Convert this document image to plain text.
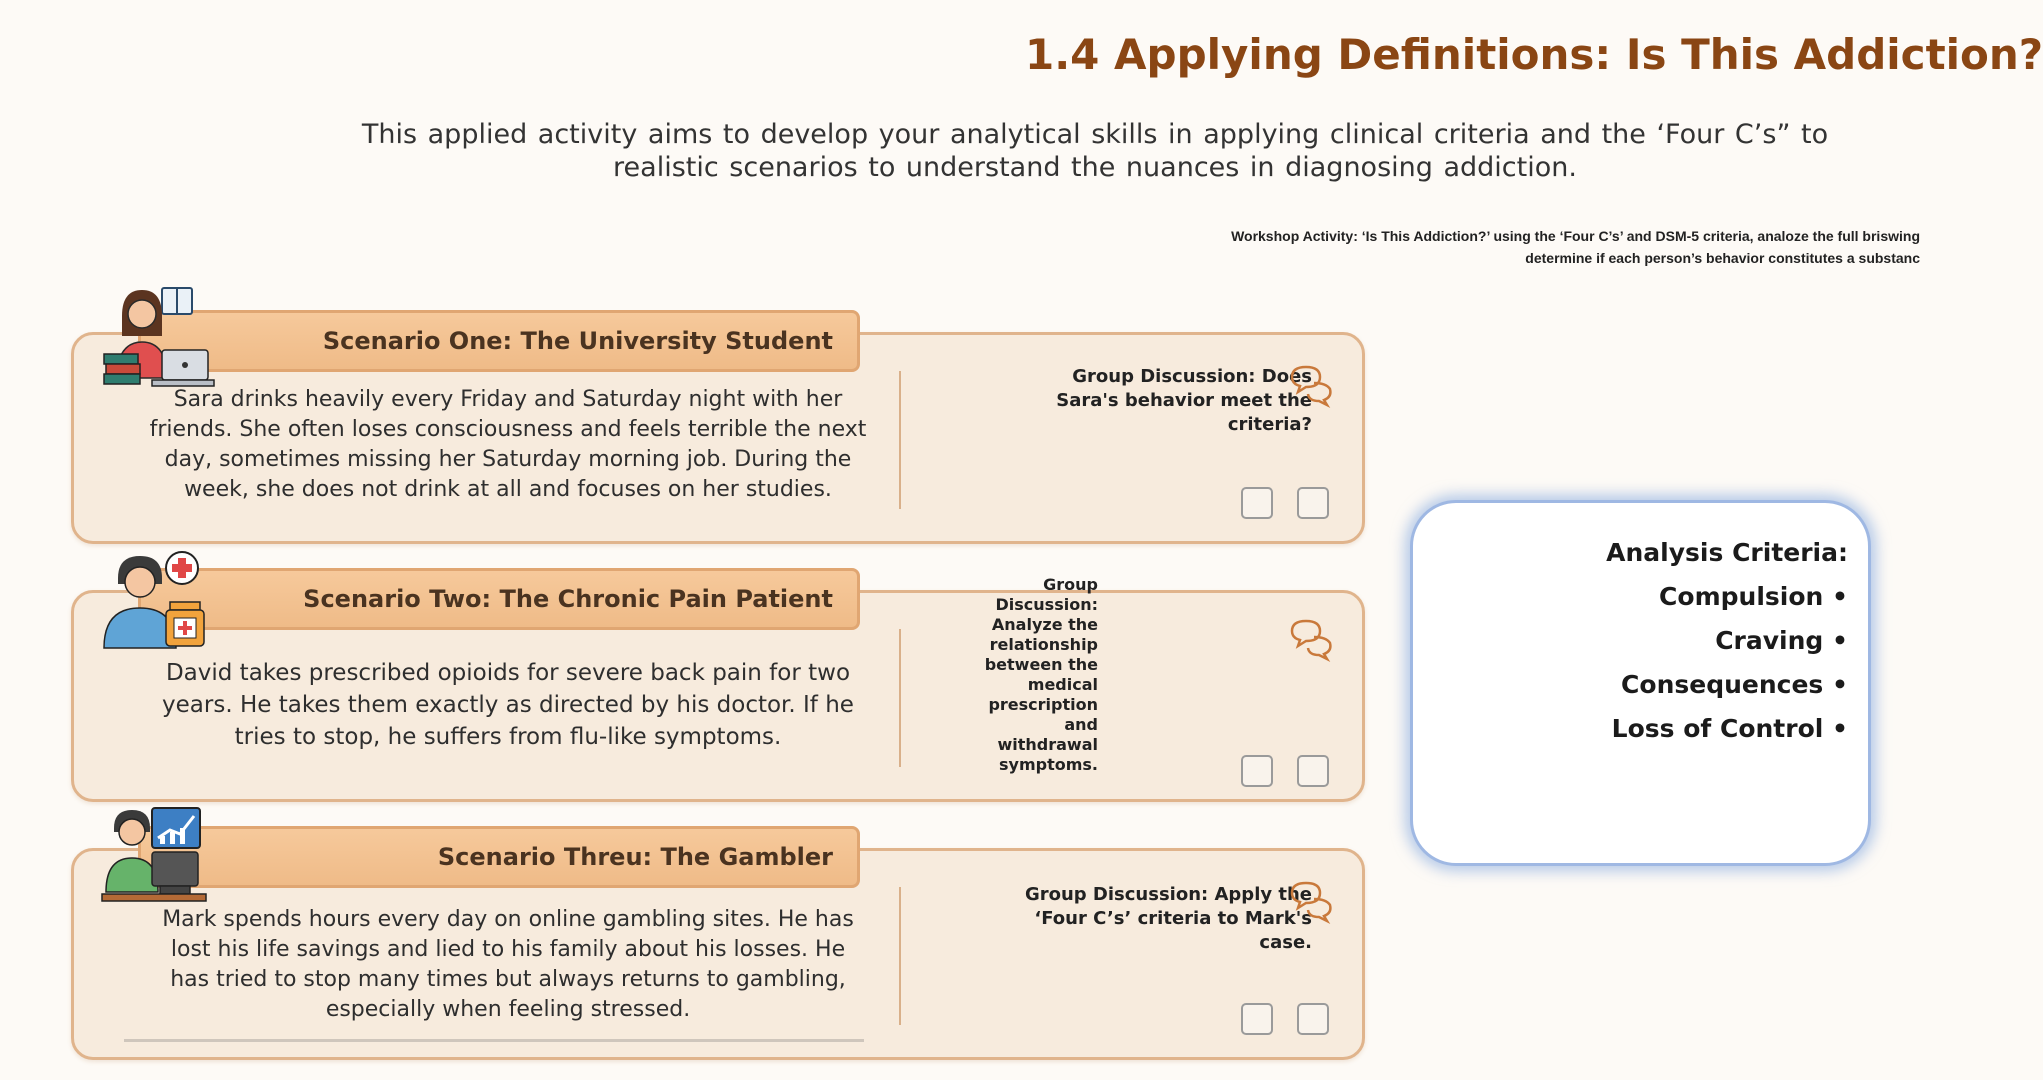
1.4 Applying Definitions: Is This Addiction?
This applied activity aims to develop your analytical skills in applying clinical criteria and the ‘Four C’s” to realistic scenarios to understand the nuances in diagnosing addiction.
Workshop Activity: ‘Is This Addiction?’ using the ‘Four C’s’ and DSM-5 criteria, analoze the full briswing
determine if each person’s behavior constitutes a substanc
Group Discussion: Does Sara's behavior meet the criteria?
Scenario One: The University Student
Sara drinks heavily every Friday and Saturday night with her friends. She often loses consciousness and feels terrible the next day, sometimes missing her Saturday morning job. During the week, she does not drink at all and focuses on her studies.
Group Discussion: Analyze the relationship between the medical prescription and withdrawal symptoms.
Scenario Two: The Chronic Pain Patient
David takes prescribed opioids for severe back pain for two years. He takes them exactly as directed by his doctor. If he tries to stop, he suffers from flu-like symptoms.
Group Discussion: Apply the ‘Four C’s’ criteria to Mark's case.
Scenario Threu: The Gambler
Mark spends hours every day on online gambling sites. He has lost his life savings and lied to his family about his losses. He has tried to stop many times but always returns to gambling, especially when feeling stressed.
Analysis Criteria:
Compulsion •
Craving •
Consequences •
Loss of Control •
